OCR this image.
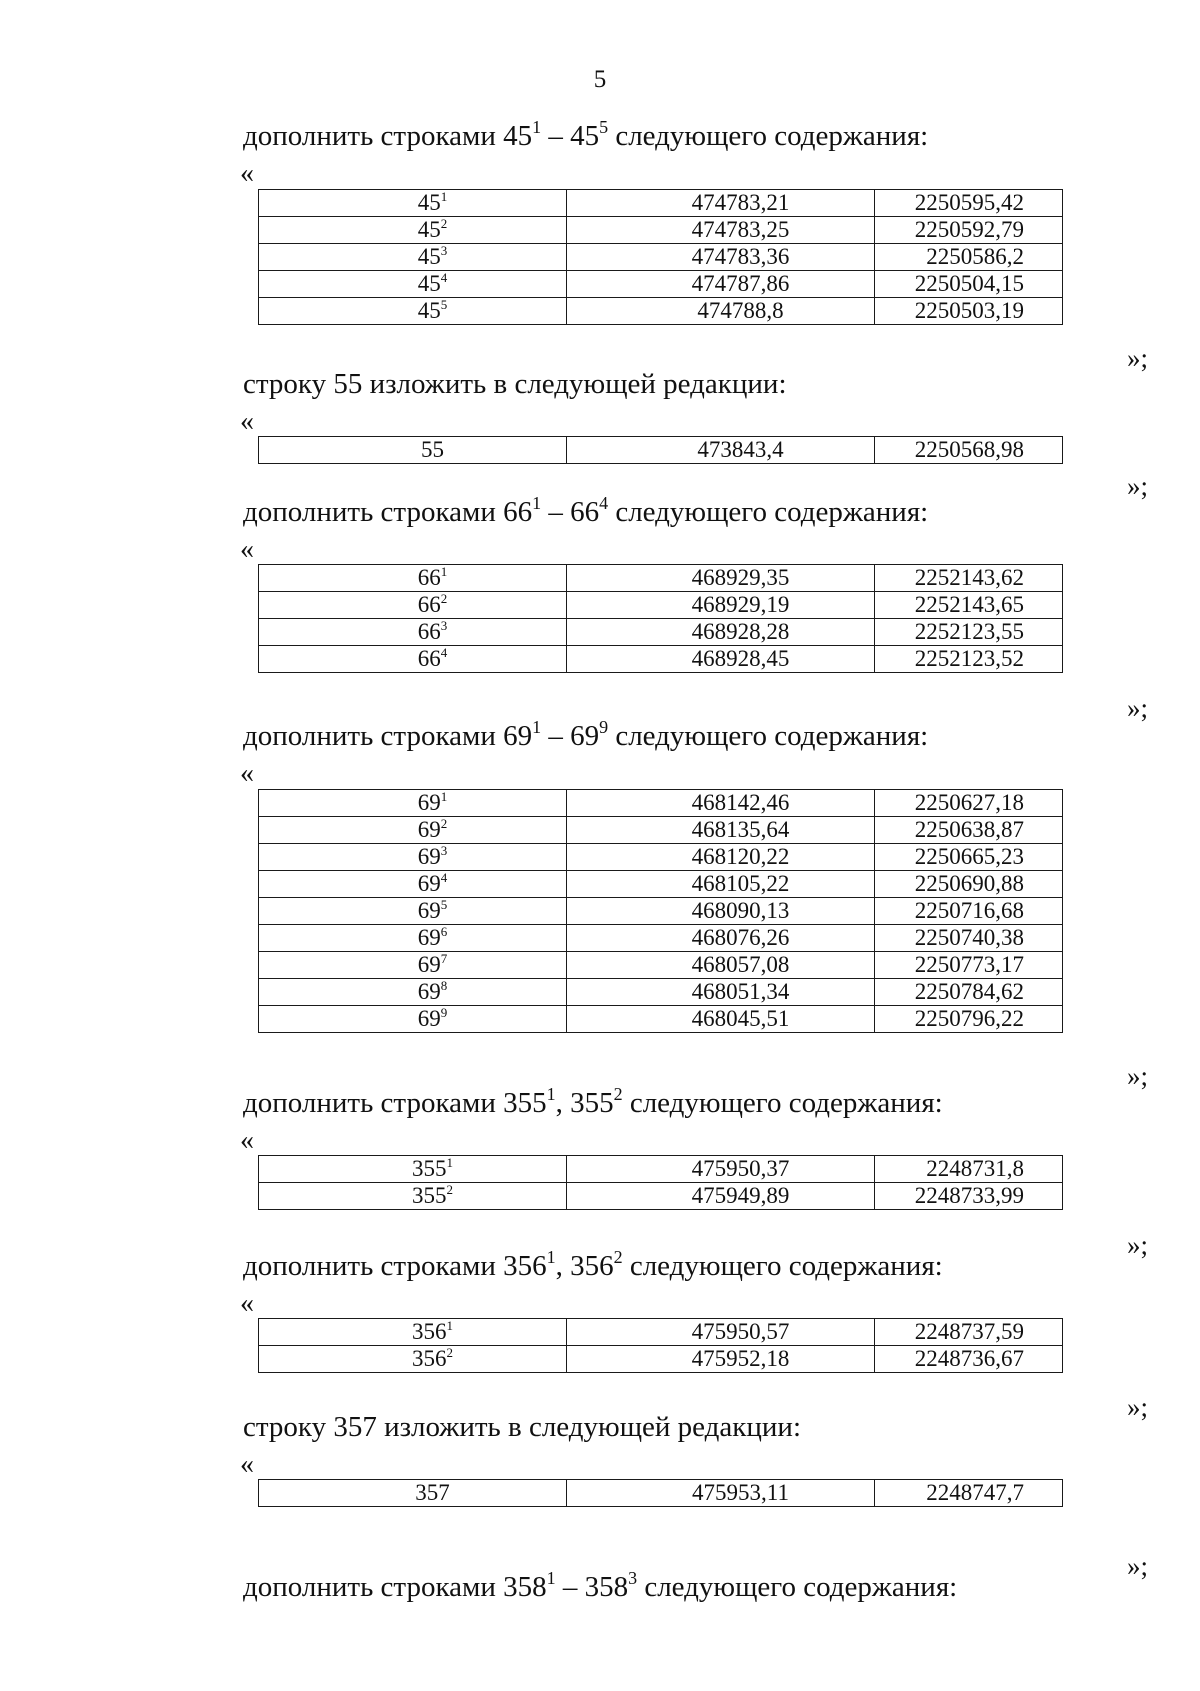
5
дополнить строками $45^1 - 45^5$ следующего содержания:
«
$45^1$	474783,21	2250595,42
$45^2$	474783,25	2250592,79
$45^3$	474783,36	2250586,2
$45^4$	474787,86	2250504,15
$45^5$	474788,8	2250503,19
»;
строку 55 изложить в следующей редакции:
«
55	473843,4	2250568,98
»;
дополнить строками $66^1 - 66^4$ следующего содержания:
«
$66^1$	468929,35	2252143,62
$66^2$	468929,19	2252143,65
$66^3$	468928,28	2252123,55
$66^4$	468928,45	2252123,52
»;
дополнить строками $69^1 - 69^9$ следующего содержания:
«
$69^1$	468142,46	2250627,18
$69^2$	468135,64	2250638,87
$69^3$	468120,22	2250665,23
$69^4$	468105,22	2250690,88
$69^5$	468090,13	2250716,68
$69^6$	468076,26	2250740,38
$69^7$	468057,08	2250773,17
$69^8$	468051,34	2250784,62
$69^9$	468045,51	2250796,22
»;
дополнить строками $355^1$, $355^2$ следующего содержания:
«
$355^1$	475950,37	2248731,8
$355^2$	475949,89	2248733,99
»;
дополнить строками $356^1$, $356^2$ следующего содержания:
«
$356^1$	475950,57	2248737,59
$356^2$	475952,18	2248736,67
»;
строку 357 изложить в следующей редакции:
«
357	475953,11	2248747,7
»;
дополнить строками $358^1 - 358^3$ следующего содержания:
